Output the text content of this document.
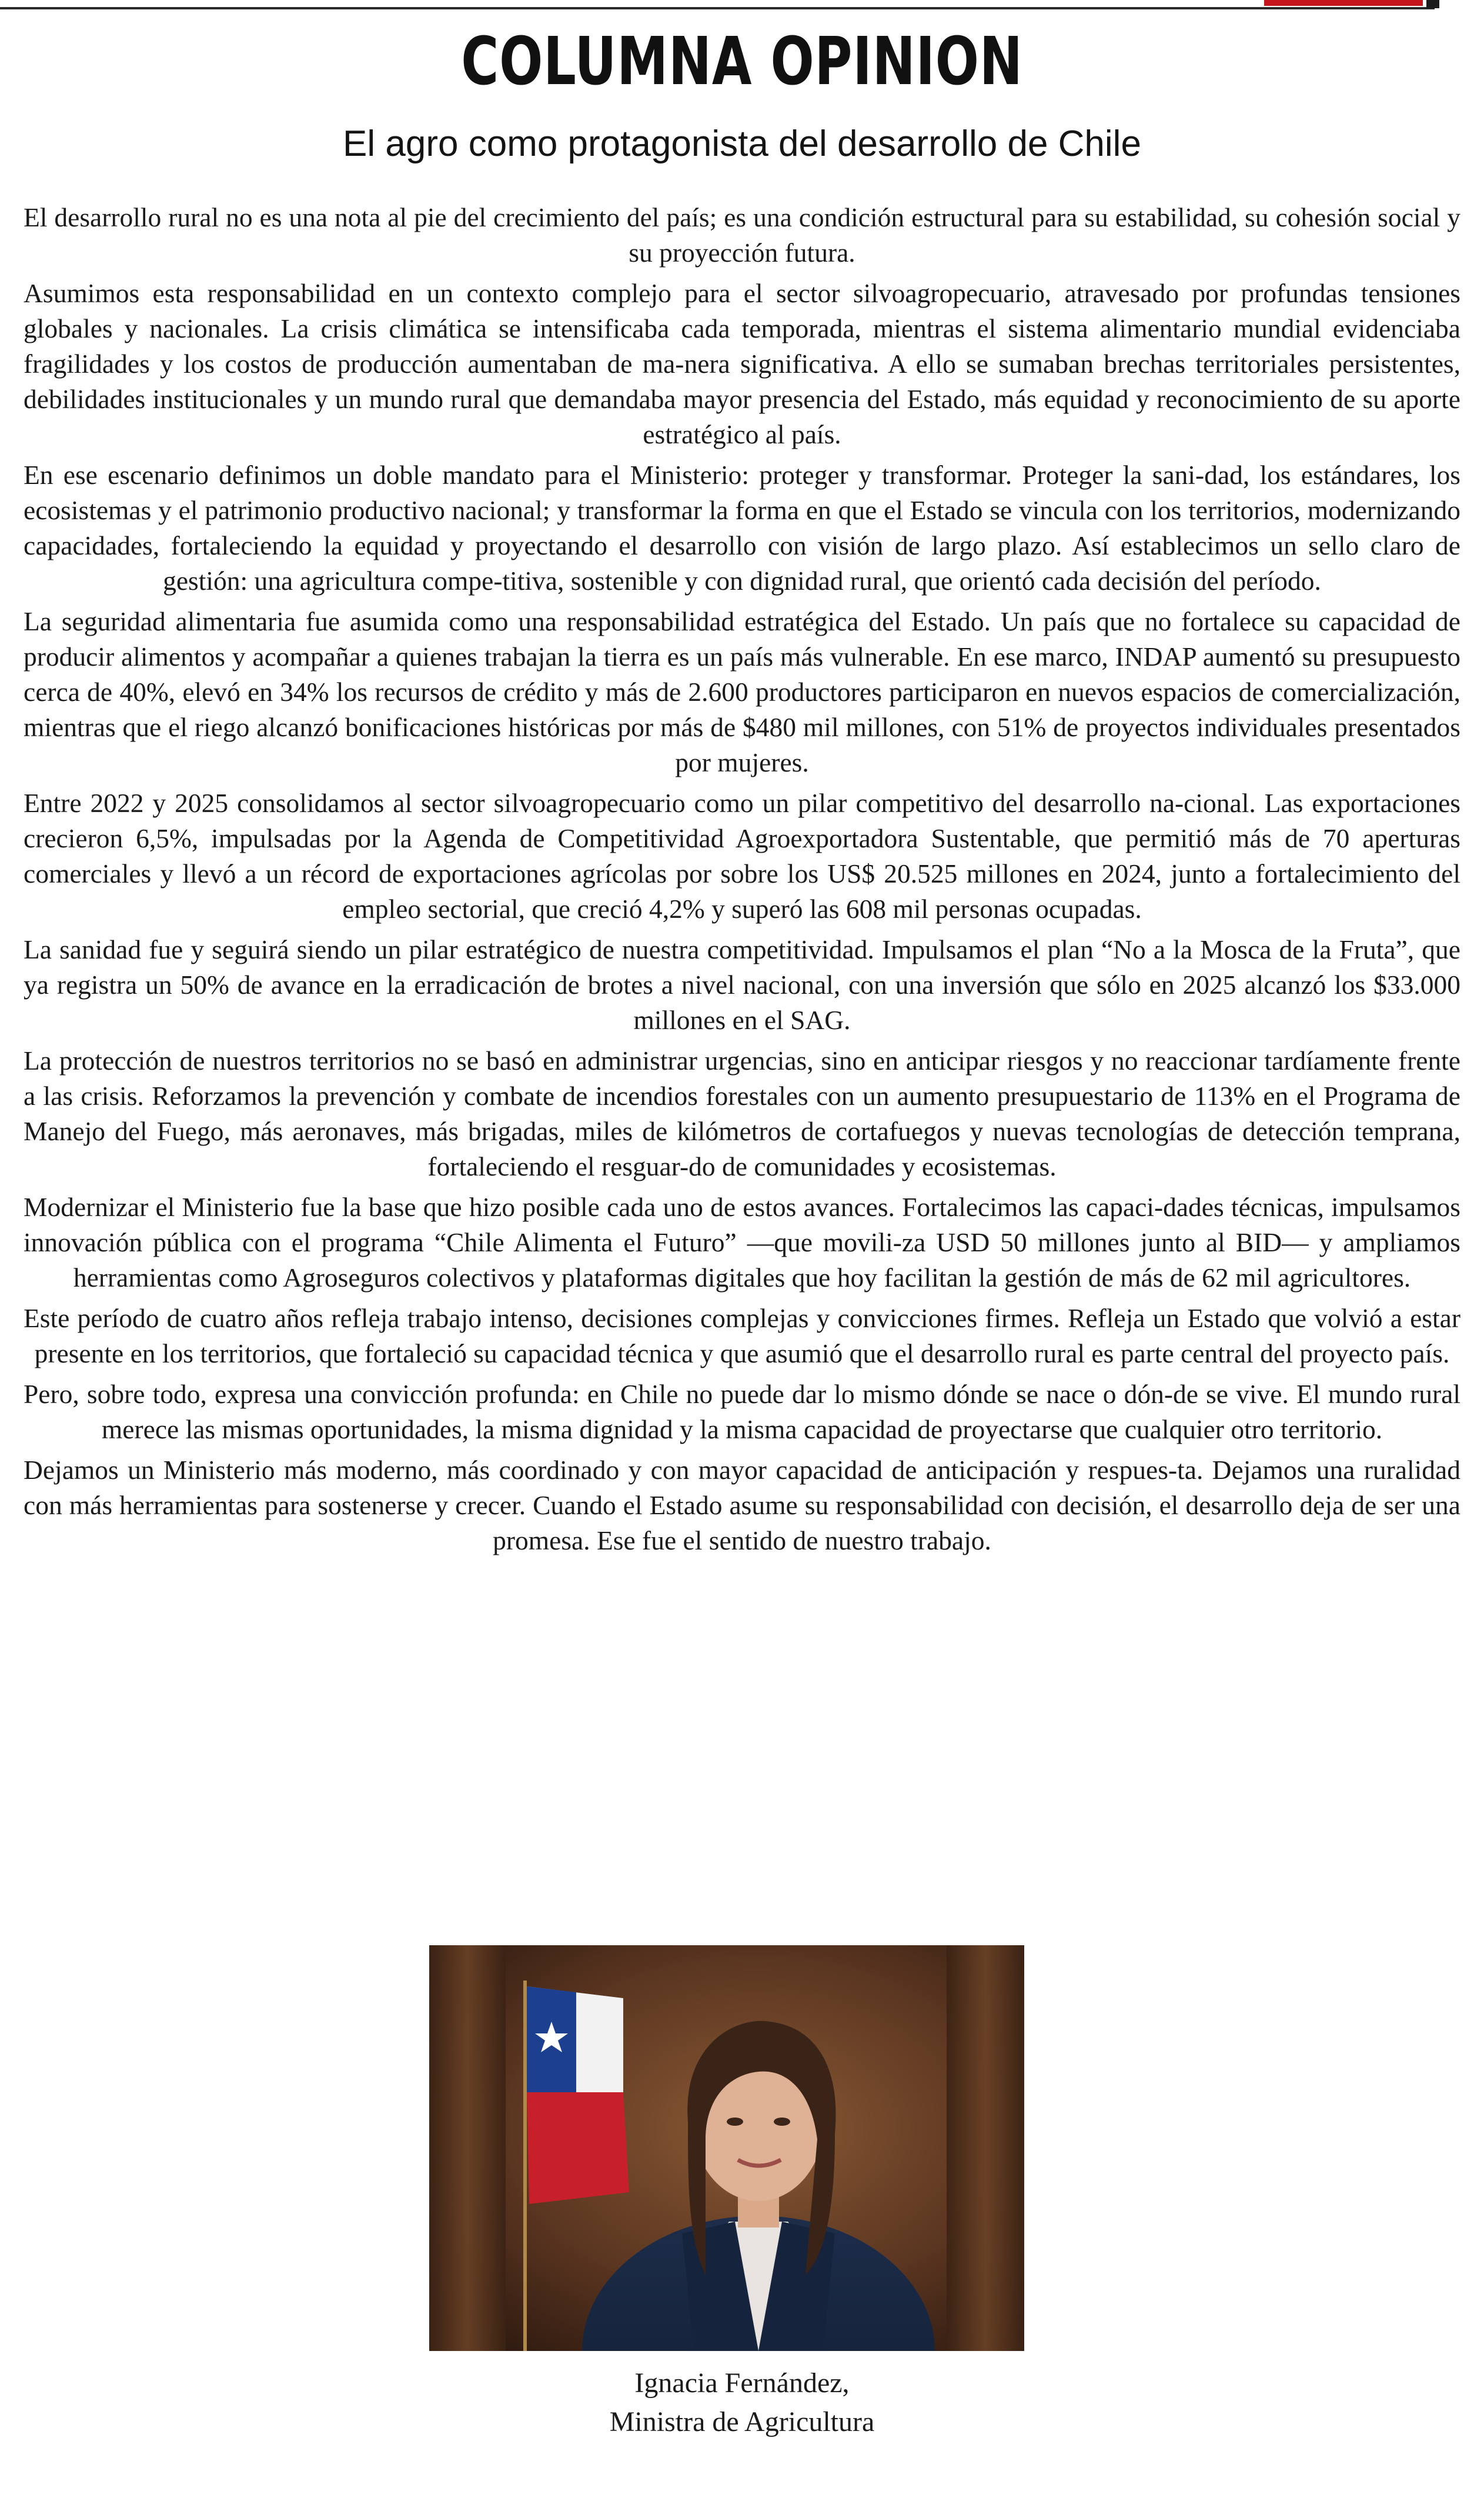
COLUMNA OPINION
El agro como protagonista del desarrollo de Chile

El desarrollo rural no es una nota al pie del crecimiento del país; es una condición estructural para su estabilidad, su cohesión social y su proyección futura.

Asumimos esta responsabilidad en un contexto complejo para el sector silvoagropecuario, atravesado por profundas tensiones globales y nacionales. La crisis climática se intensificaba cada temporada, mientras el sistema alimentario mundial evidenciaba fragilidades y los costos de producción aumentaban de ma-nera significativa. A ello se sumaban brechas territoriales persistentes, debilidades institucionales y un mundo rural que demandaba mayor presencia del Estado, más equidad y reconocimiento de su aporte estratégico al país.

En ese escenario definimos un doble mandato para el Ministerio: proteger y transformar. Proteger la sani-dad, los estándares, los ecosistemas y el patrimonio productivo nacional; y transformar la forma en que el Estado se vincula con los territorios, modernizando capacidades, fortaleciendo la equidad y proyectando el desarrollo con visión de largo plazo. Así establecimos un sello claro de gestión: una agricultura compe-titiva, sostenible y con dignidad rural, que orientó cada decisión del período.

La seguridad alimentaria fue asumida como una responsabilidad estratégica del Estado. Un país que no fortalece su capacidad de producir alimentos y acompañar a quienes trabajan la tierra es un país más vulnerable. En ese marco, INDAP aumentó su presupuesto cerca de 40%, elevó en 34% los recursos de crédito y más de 2.600 productores participaron en nuevos espacios de comercialización, mientras que el riego alcanzó bonificaciones históricas por más de $480 mil millones, con 51% de proyectos individuales presentados por mujeres.

Entre 2022 y 2025 consolidamos al sector silvoagropecuario como un pilar competitivo del desarrollo na-cional. Las exportaciones crecieron 6,5%, impulsadas por la Agenda de Competitividad Agroexportadora Sustentable, que permitió más de 70 aperturas comerciales y llevó a un récord de exportaciones agrícolas por sobre los US$ 20.525 millones en 2024, junto a fortalecimiento del empleo sectorial, que creció 4,2% y superó las 608 mil personas ocupadas.

La sanidad fue y seguirá siendo un pilar estratégico de nuestra competitividad. Impulsamos el plan “No a la Mosca de la Fruta”, que ya registra un 50% de avance en la erradicación de brotes a nivel nacional, con una inversión que sólo en 2025 alcanzó los $33.000 millones en el SAG.

La protección de nuestros territorios no se basó en administrar urgencias, sino en anticipar riesgos y no reaccionar tardíamente frente a las crisis. Reforzamos la prevención y combate de incendios forestales con un aumento presupuestario de 113% en el Programa de Manejo del Fuego, más aeronaves, más brigadas, miles de kilómetros de cortafuegos y nuevas tecnologías de detección temprana, fortaleciendo el resguar-do de comunidades y ecosistemas.

Modernizar el Ministerio fue la base que hizo posible cada uno de estos avances. Fortalecimos las capaci-dades técnicas, impulsamos innovación pública con el programa “Chile Alimenta el Futuro” —que movili-za USD 50 millones junto al BID— y ampliamos herramientas como Agroseguros colectivos y plataformas digitales que hoy facilitan la gestión de más de 62 mil agricultores.

Este período de cuatro años refleja trabajo intenso, decisiones complejas y convicciones firmes. Refleja un Estado que volvió a estar presente en los territorios, que fortaleció su capacidad técnica y que asumió que el desarrollo rural es parte central del proyecto país.

Pero, sobre todo, expresa una convicción profunda: en Chile no puede dar lo mismo dónde se nace o dón-de se vive. El mundo rural merece las mismas oportunidades, la misma dignidad y la misma capacidad de proyectarse que cualquier otro territorio.

Dejamos un Ministerio más moderno, más coordinado y con mayor capacidad de anticipación y respues-ta. Dejamos una ruralidad con más herramientas para sostenerse y crecer. Cuando el Estado asume su responsabilidad con decisión, el desarrollo deja de ser una promesa. Ese fue el sentido de nuestro trabajo.

Ignacia Fernández,
Ministra de Agricultura
